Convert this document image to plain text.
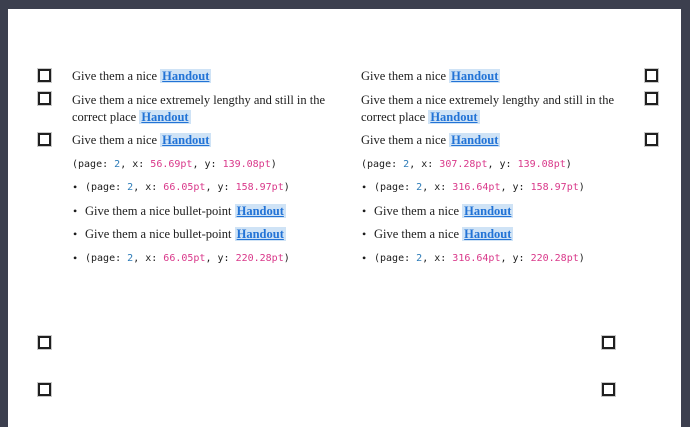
Give them a nice Handout
Give them a nice extremely lengthy and still in the
correct place Handout
Give them a nice Handout
(page: 2, x: 56.69pt, y: 139.08pt)
• (page: 2, x: 66.05pt, y: 158.97pt)
• Give them a nice bullet-point Handout
• Give them a nice bullet-point Handout
• (page: 2, x: 66.05pt, y: 220.28pt)
Give them a nice Handout
Give them a nice extremely lengthy and still in the
correct place Handout
Give them a nice Handout
(page: 2, x: 307.28pt, y: 139.08pt)
• (page: 2, x: 316.64pt, y: 158.97pt)
• Give them a nice Handout
• Give them a nice Handout
• (page: 2, x: 316.64pt, y: 220.28pt)
